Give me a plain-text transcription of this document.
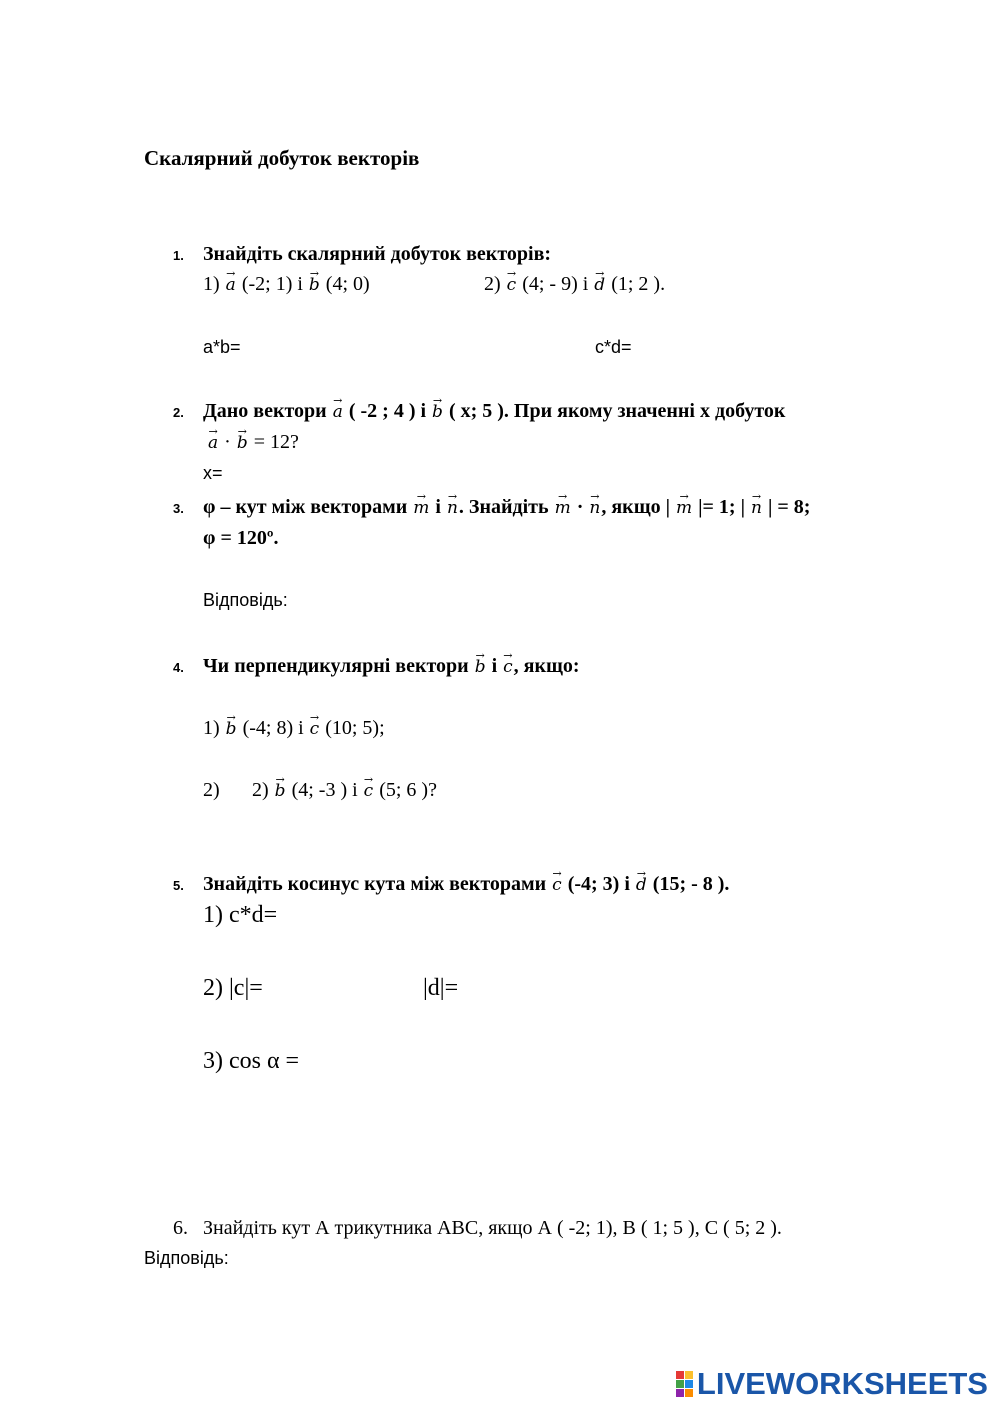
Скалярний добуток векторів
1. Знайдіть скалярний добуток векторів:
1) a → (-2; 1) і b → (4; 0)	2) c → (4; - 9) і d → (1; 2 ).
a*b=	c*d=
2. Дано вектори a → ( -2 ; 4 ) і b → ( х; 5 ). При якому значенні х добуток
a → · b → = 12?
x=
3. φ – кут між векторами m → і n →. Знайдіть m → · n →, якщо | m → |= 1; | n → | = 8;
φ = 120º.
Відповідь:
4. Чи перпендикулярні вектори b → і c →, якщо:
1) b → (-4; 8) і c → (10; 5);
2) 2) b → (4; -3 ) і c → (5; 6 )?
5. Знайдіть косинус кута між векторами c → (-4; 3) і d → (15; - 8 ).
1) c*d=
2) |c|=	|d|=
3) cos α =
6. Знайдіть кут А трикутника АВС, якщо А ( -2; 1), В ( 1; 5 ), С ( 5; 2 ).
Відповідь:
LIVEWORKSHEETS
